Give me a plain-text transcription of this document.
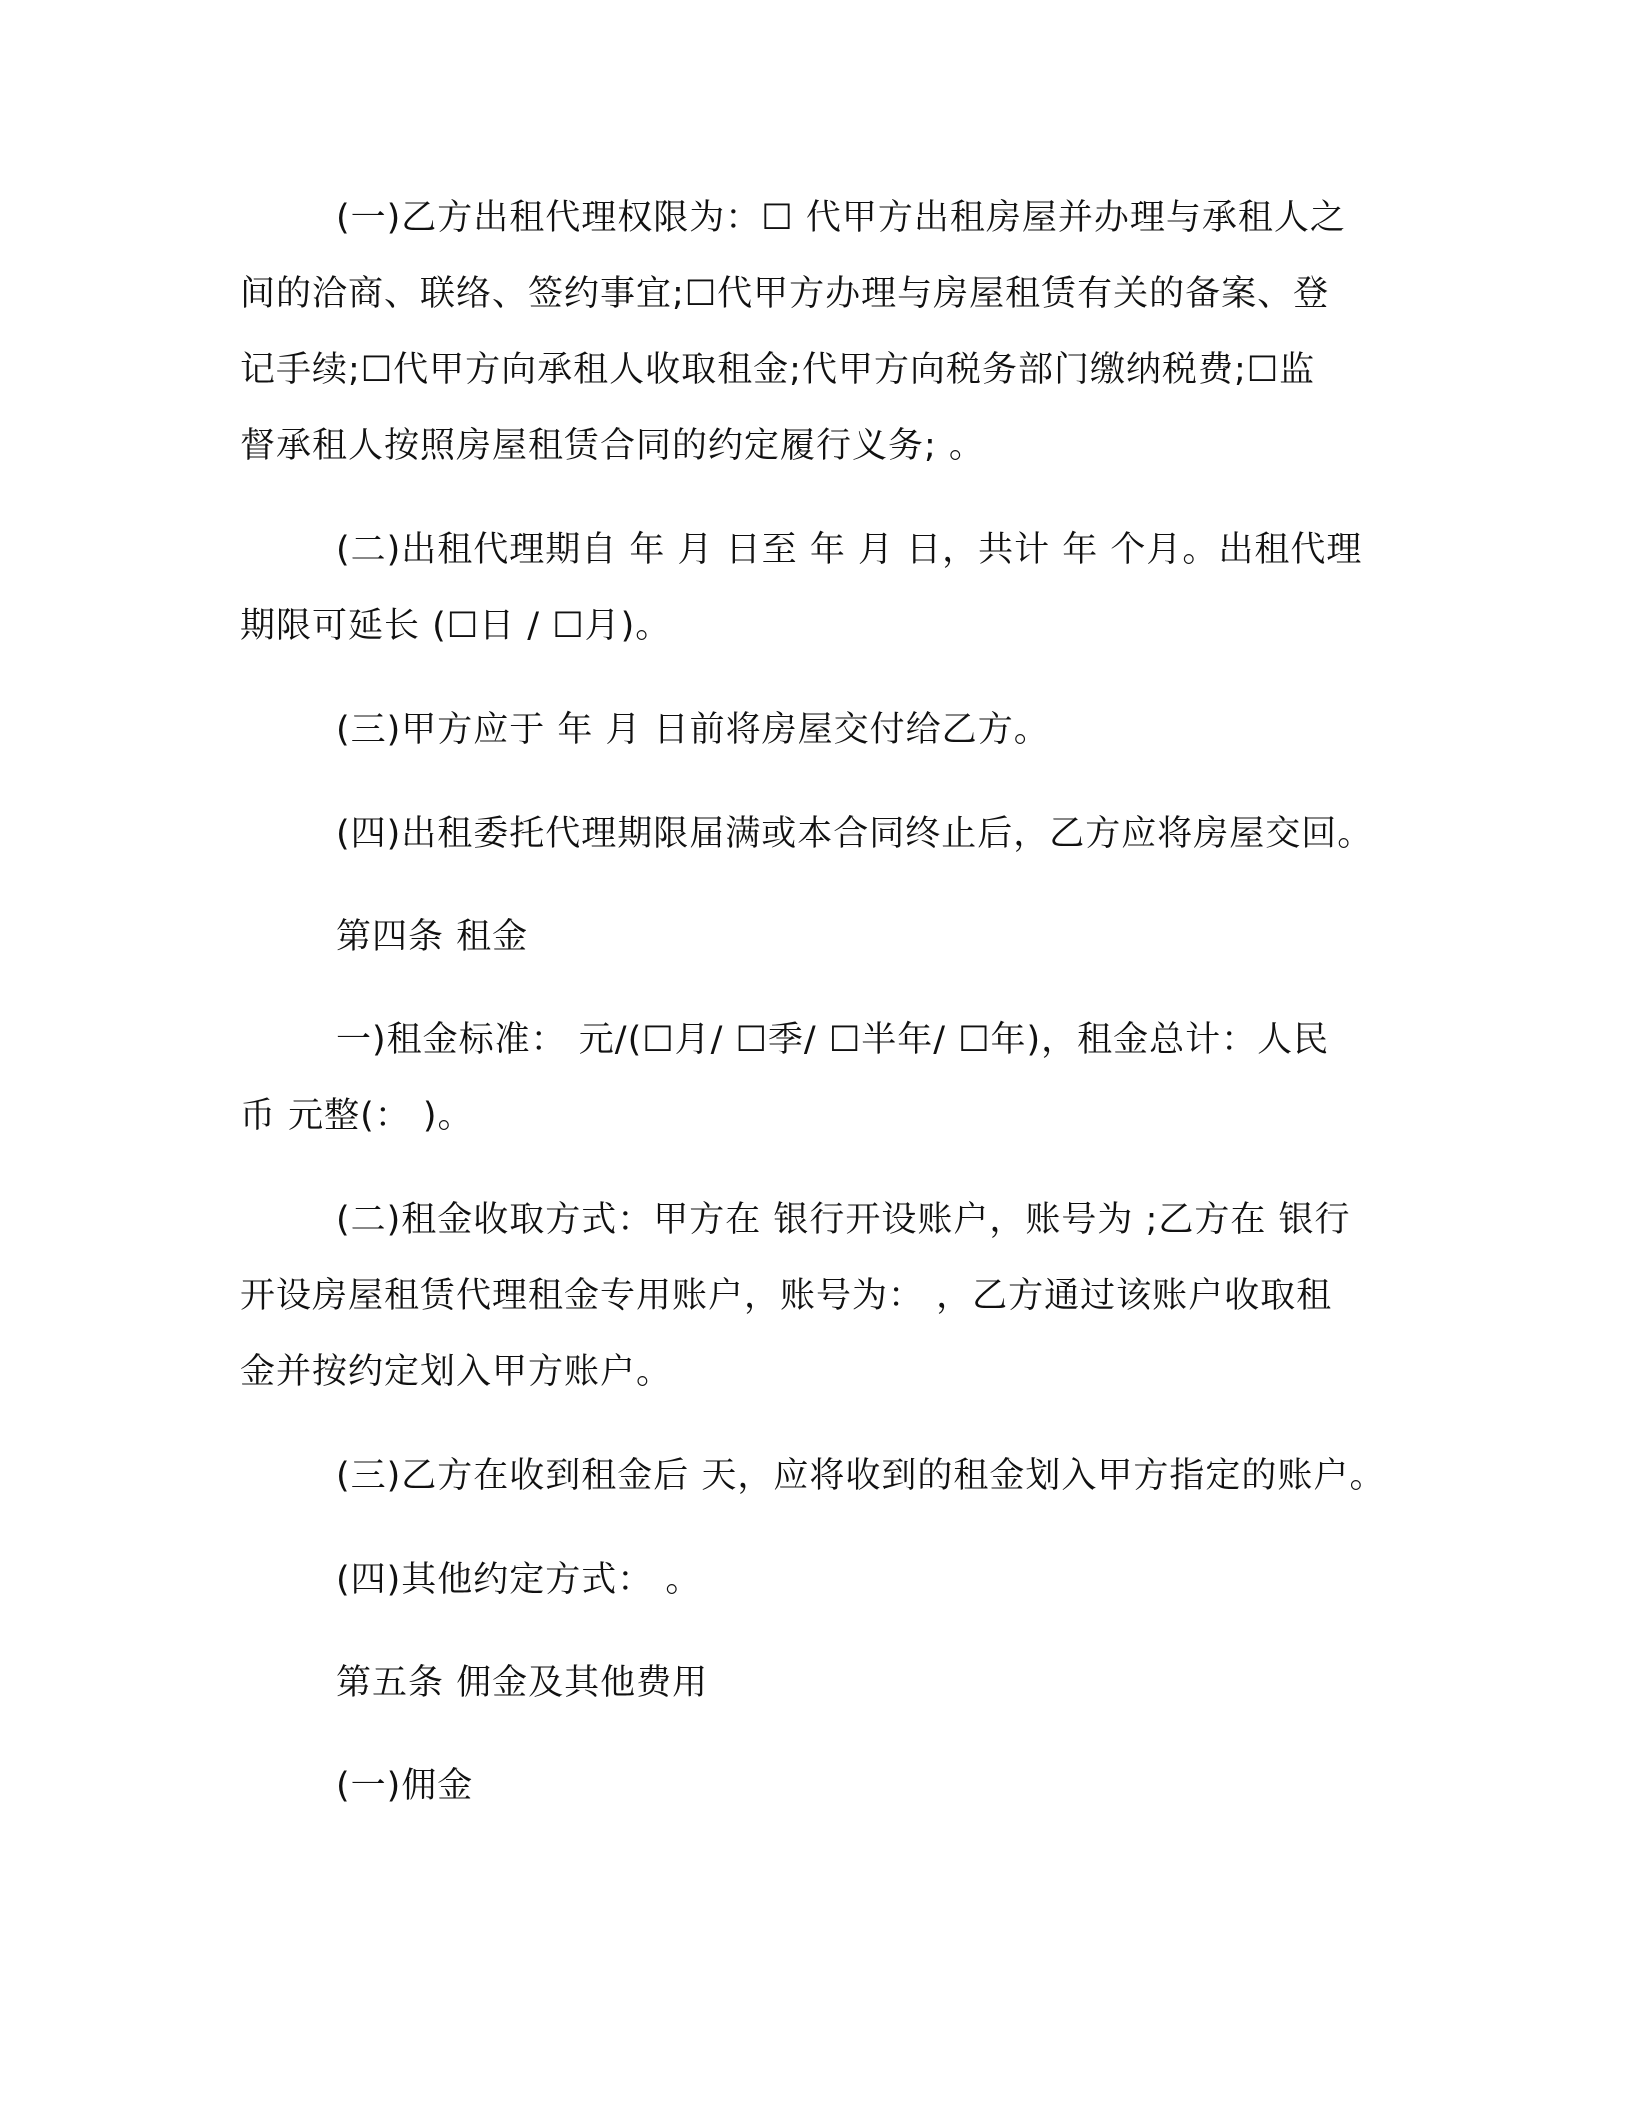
(一)乙方出租代理权限为：☐ 代甲方出租房屋并办理与承租人之
间的洽商、联络、签约事宜;☐代甲方办理与房屋租赁有关的备案、登
记手续;☐代甲方向承租人收取租金;代甲方向税务部门缴纳税费;☐监
督承租人按照房屋租赁合同的约定履行义务; 。
(二)出租代理期自 年 月 日至 年 月 日，共计 年 个月。出租代理
期限可延长 (☐日 / ☐月)。
(三)甲方应于 年 月 日前将房屋交付给乙方。
(四)出租委托代理期限届满或本合同终止后，乙方应将房屋交回。
第四条 租金
一)租金标准： 元/(☐月/ ☐季/ ☐半年/ ☐年)，租金总计：人民
币 元整(： )。
(二)租金收取方式：甲方在 银行开设账户，账号为 ;乙方在 银行
开设房屋租赁代理租金专用账户，账号为： ，乙方通过该账户收取租
金并按约定划入甲方账户。
(三)乙方在收到租金后 天，应将收到的租金划入甲方指定的账户。
(四)其他约定方式： 。
第五条 佣金及其他费用
(一)佣金
